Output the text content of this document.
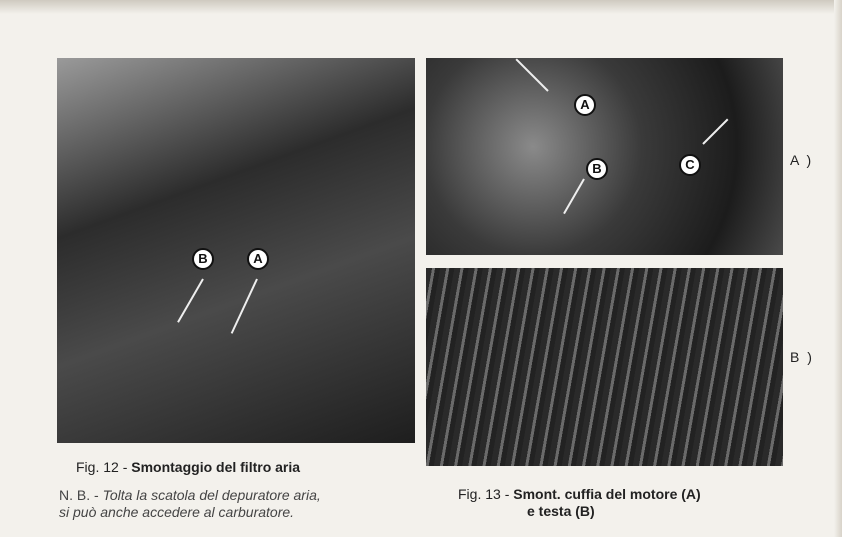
B	A
A
B	C	A )
B )
Fig. 12 - Smontaggio del filtro aria
N. B. - Tolta la scatola del depuratore aria,
si può anche accedere al carburatore.
Fig. 13 - Smont. cuffia del motore (A)
e testa (B)
